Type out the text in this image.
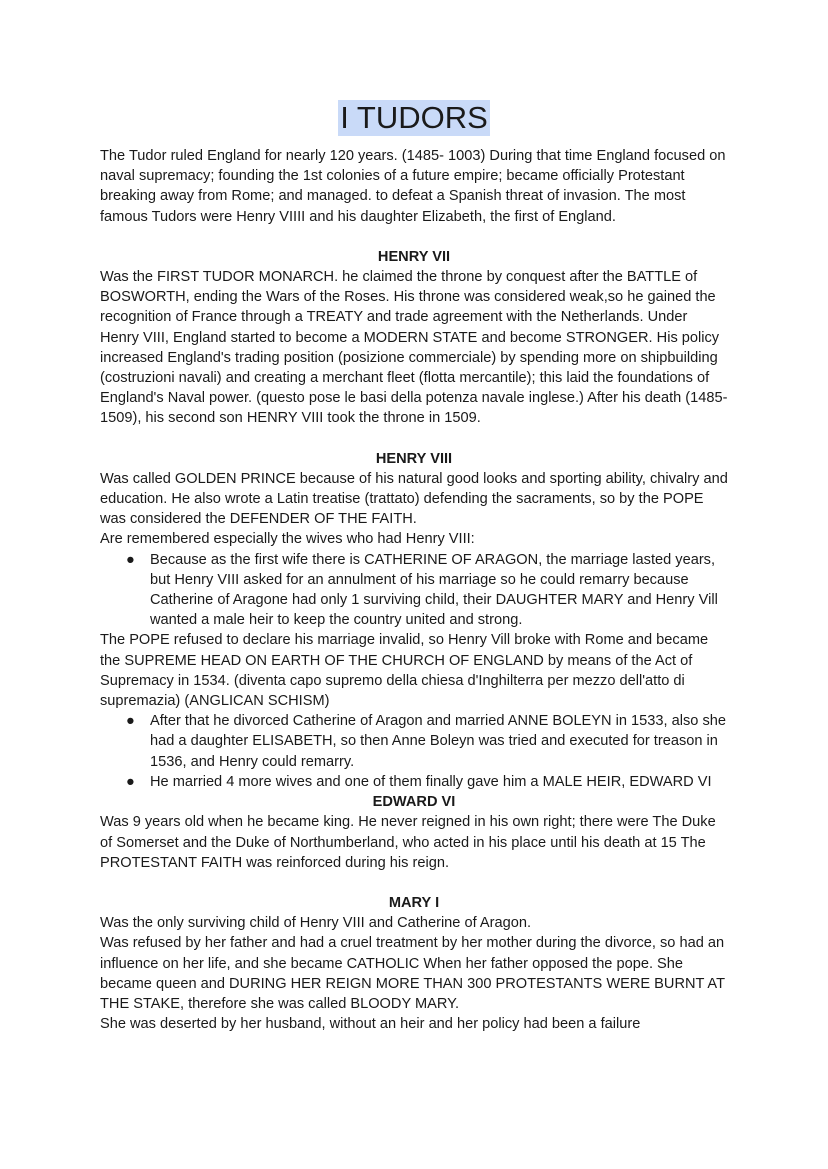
I TUDORS

The Tudor ruled England for nearly 120 years. (1485- 1003) During that time England focused on naval supremacy; founding the 1st colonies of a future empire; became officially Protestant breaking away from Rome; and managed. to defeat a Spanish threat of invasion. The most famous Tudors were Henry VIIII and his daughter Elizabeth, the first of England.

HENRY VII

Was the FIRST TUDOR MONARCH. he claimed the throne by conquest after the BATTLE of BOSWORTH, ending the Wars of the Roses. His throne was considered weak,so he gained the recognition of France through a TREATY and trade agreement with the Netherlands. Under Henry VIII, England started to become a MODERN STATE and become STRONGER. His policy increased England's trading position (posizione commerciale) by spending more on shipbuilding (costruzioni navali) and creating a merchant fleet (flotta mercantile); this laid the foundations of England's Naval power. (questo pose le basi della potenza navale inglese.) After his death (1485-1509), his second son HENRY VIII took the throne in 1509.

HENRY VIII

Was called GOLDEN PRINCE because of his natural good looks and sporting ability, chivalry and education. He also wrote a Latin treatise (trattato) defending the sacraments, so by the POPE was considered the DEFENDER OF THE FAITH.

Are remembered especially the wives who had Henry VIII:

● Because as the first wife there is CATHERINE OF ARAGON, the marriage lasted years, but Henry VIII asked for an annulment of his marriage so he could remarry because Catherine of Aragone had only 1 surviving child, their DAUGHTER MARY and Henry Vill wanted a male heir to keep the country united and strong.

The POPE refused to declare his marriage invalid, so Henry Vill broke with Rome and became the SUPREME HEAD ON EARTH OF THE CHURCH OF ENGLAND by means of the Act of Supremacy in 1534. (diventa capo supremo della chiesa d'Inghilterra per mezzo dell'atto di supremazia) (ANGLICAN SCHISM)

● After that he divorced Catherine of Aragon and married ANNE BOLEYN in 1533, also she had a daughter ELISABETH, so then Anne Boleyn was tried and executed for treason in 1536, and Henry could remarry.
● He married 4 more wives and one of them finally gave him a MALE HEIR, EDWARD VI

EDWARD VI

Was 9 years old when he became king. He never reigned in his own right; there were The Duke of Somerset and the Duke of Northumberland, who acted in his place until his death at 15 The PROTESTANT FAITH was reinforced during his reign.

MARY I

Was the only surviving child of Henry VIII and Catherine of Aragon.

Was refused by her father and had a cruel treatment by her mother during the divorce, so had an influence on her life, and she became CATHOLIC When her father opposed the pope. She became queen and DURING HER REIGN MORE THAN 300 PROTESTANTS WERE BURNT AT THE STAKE, therefore she was called BLOODY MARY.

She was deserted by her husband, without an heir and her policy had been a failure
